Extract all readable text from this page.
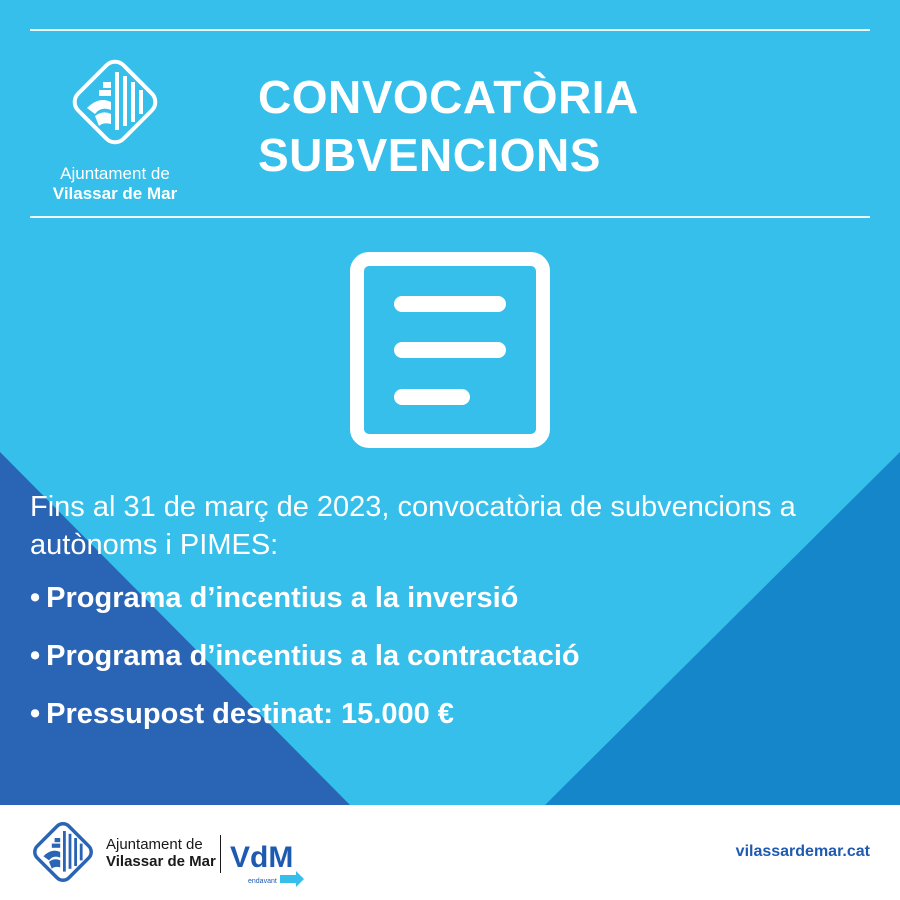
Ajuntament de
Vilassar de Mar
CONVOCATÒRIA
SUBVENCIONS

Fins al 31 de març de 2023, convocatòria de subvencions a autònoms i PIMES:

• Programa d’incentius a la inversió
• Programa d’incentius a la contractació
• Pressupost destinat: 15.000 €
Ajuntament de
Vilassar de Mar VdM
endavant
vilassardemar.cat
